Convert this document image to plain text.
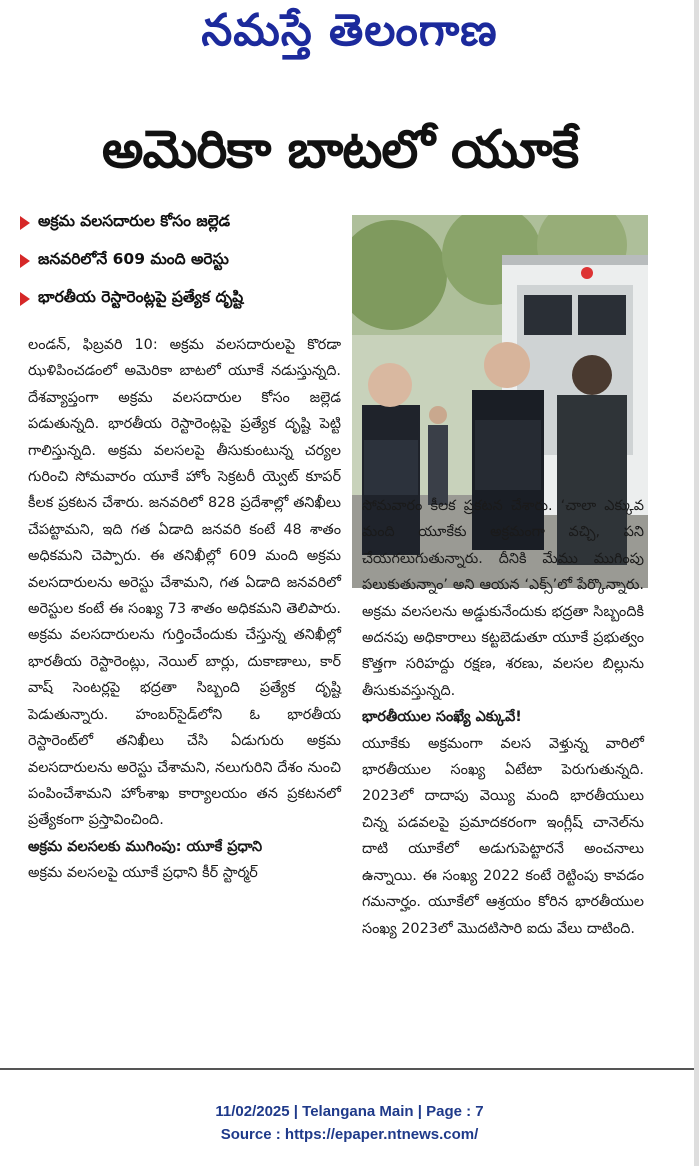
నమస్తే తెలంగాణ
అమెరికా బాటలో యూకే
అక్రమ వలసదారుల కోసం జల్లెడ
జనవరిలోనే 609 మంది అరెస్టు
భారతీయ రెస్టారెంట్లపై ప్రత్యేక దృష్టి

లండన్‌, ఫిబ్రవరి 10: అక్రమ వలసదారులపై కొరడా ఝళిపించడంలో అమెరికా బాటలో యూకే నడుస్తున్నది. దేశవ్యాప్తంగా అక్రమ వలసదారుల కోసం జల్లెడ పడుతున్నది. భారతీయ రెస్టారెంట్లపై ప్రత్యేక దృష్టి పెట్టి గాలిస్తున్నది. అక్రమ వలసలపై తీసుకుంటున్న చర్యల గురించి సోమవారం యూకే హోం సెక్రటరీ య్వెట్‌ కూపర్‌ కీలక ప్రకటన చేశారు. జనవరిలో 828 ప్రదేశాల్లో తనిఖీలు చేపట్టామని, ఇది గత ఏడాది జనవరి కంటే 48 శాతం అధికమని చెప్పారు. ఈ తనిఖీల్లో 609 మంది అక్రమ వలసదారులను అరెస్టు చేశామని, గత ఏడాది జనవరిలో అరెస్టుల కంటే ఈ సంఖ్య 73 శాతం అధికమని తెలిపారు. అక్రమ వలసదారులను గుర్తించేందుకు చేస్తున్న తనిఖీల్లో భారతీయ రెస్టారెంట్లు, నెయిల్‌ బార్లు, దుకాణాలు, కార్‌ వాష్‌ సెంటర్లపై భద్రతా సిబ్బంది ప్రత్యేక దృష్టి పెడుతున్నారు. హంబర్‌సైడ్‌లోని ఓ భారతీయ రెస్టారెంట్‌లో తనిఖీలు చేసి ఏడుగురు అక్రమ వలసదారులను అరెస్టు చేశామని, నలుగురిని దేశం నుంచి పంపించేశామని హోంశాఖ కార్యాలయం తన ప్రకటనలో ప్రత్యేకంగా ప్రస్తావించింది.

అక్రమ వలసలకు ముగింపు: యూకే ప్రధాని

అక్రమ వలసలపై యూకే ప్రధాని కీర్‌ స్టార్మర్‌

సోమవారం కీలక ప్రకటన చేశారు. ‘చాలా ఎక్కువ మంది యూకేకు అక్రమంగా వచ్చి, పని చేయగలుగుతున్నారు. దీనికి మేము ముగింపు పలుకుతున్నాం’ అని ఆయన ‘ఎక్స్‌’లో పేర్కొన్నారు. అక్రమ వలసలను అడ్డుకునేందుకు భద్రతా సిబ్బందికి అదనపు అధికారాలు కట్టబెడుతూ యూకే ప్రభుత్వం కొత్తగా సరిహద్దు రక్షణ, శరణు, వలసల బిల్లును తీసుకువస్తున్నది.

భారతీయుల సంఖ్యే ఎక్కువే!

యూకేకు అక్రమంగా వలస వెళ్తున్న వారిలో భారతీయుల సంఖ్య ఏటేటా పెరుగుతున్నది. 2023లో దాదాపు వెయ్యి మంది భారతీయులు చిన్న పడవలపై ప్రమాదకరంగా ఇంగ్లీష్‌ చానెల్‌ను దాటి యూకేలో అడుగుపెట్టారనే అంచనాలు ఉన్నాయి. ఈ సంఖ్య 2022 కంటే రెట్టింపు కావడం గమనార్హం. యూకేలో ఆశ్రయం కోరిన భారతీయుల సంఖ్య 2023లో మొదటిసారి ఐదు వేలు దాటింది.

11/02/2025 | Telangana Main | Page : 7
Source : https://epaper.ntnews.com/
